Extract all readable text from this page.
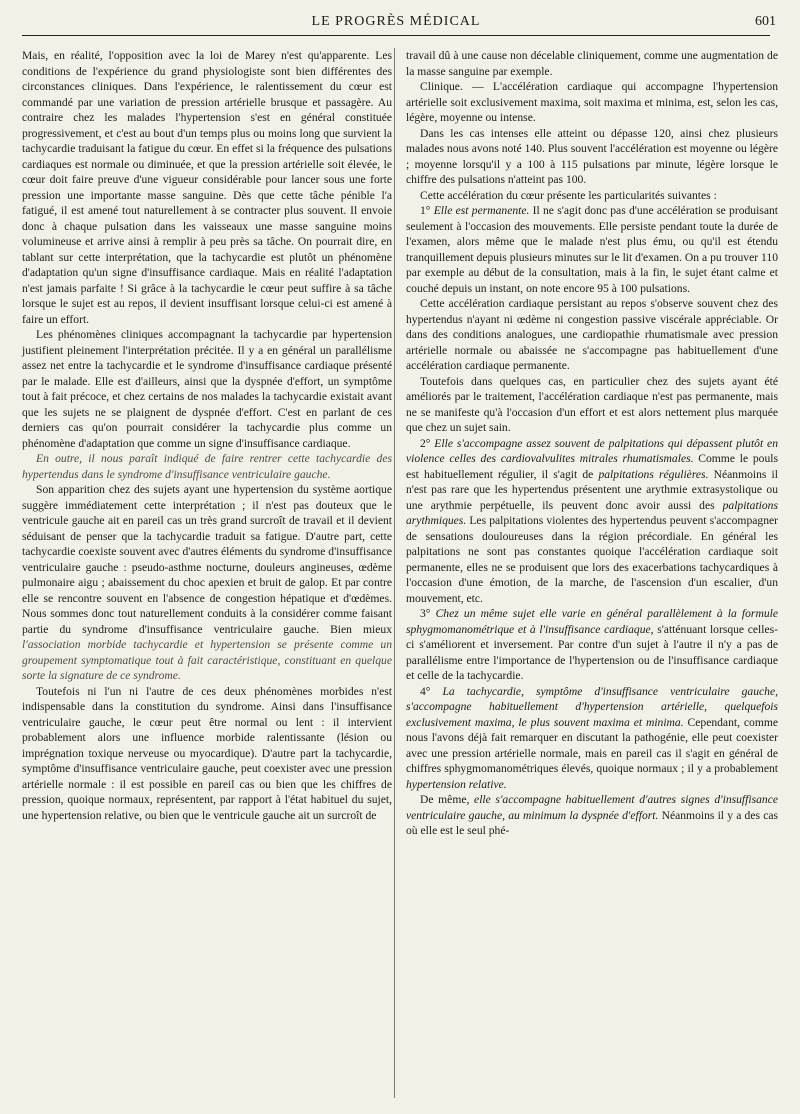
LE PROGRÈS MÉDICAL	601

Mais, en réalité, l'opposition avec la loi de Marey n'est qu'apparente. Les conditions de l'expérience du grand physiologiste sont bien différentes des circonstances cliniques. Dans l'expérience, le ralentissement du cœur est commandé par une variation de pression artérielle brusque et passagère. Au contraire chez les malades l'hypertension s'est en général constituée progressivement, et c'est au bout d'un temps plus ou moins long que survient la tachycardie traduisant la fatigue du cœur. En effet si la fréquence des pulsations cardiaques est normale ou diminuée, et que la pression artérielle soit élevée, le cœur doit faire preuve d'une vigueur considérable pour lancer sous une forte pression une importante masse sanguine. Dès que cette tâche pénible l'a fatigué, il est amené tout naturellement à se contracter plus souvent. Il envoie donc à chaque pulsation dans les vaisseaux une masse sanguine moins volumineuse et arrive ainsi à remplir à peu près sa tâche. On pourrait dire, en tablant sur cette interprétation, que la tachycardie est plutôt un phénomène d'adaptation qu'un signe d'insuffisance cardiaque. Mais en réalité l'adaptation n'est jamais parfaite ! Si grâce à la tachycardie le cœur peut suffire à sa tâche lorsque le sujet est au repos, il devient insuffisant lorsque celui-ci est amené à faire un effort.

Les phénomènes cliniques accompagnant la tachycardie par hypertension justifient pleinement l'interprétation précitée. Il y a en général un parallélisme assez net entre la tachycardie et le syndrome d'insuffisance cardiaque présenté par le malade. Elle est d'ailleurs, ainsi que la dyspnée d'effort, un symptôme tout à fait précoce, et chez certains de nos malades la tachycardie existait avant que les sujets ne se plaignent de dyspnée d'effort. C'est en parlant de ces derniers cas qu'on pourrait considérer la tachycardie plus comme un phénomène d'adaptation que comme un signe d'insuffisance cardiaque.

En outre, il nous paraît indiqué de faire rentrer cette tachycardie des hypertendus dans le syndrome d'insuffisance ventriculaire gauche.

Son apparition chez des sujets ayant une hypertension du système aortique suggère immédiatement cette interprétation ; il n'est pas douteux que le ventricule gauche ait en pareil cas un très grand surcroît de travail et il devient séduisant de penser que la tachycardie traduit sa fatigue. D'autre part, cette tachycardie coexiste souvent avec d'autres éléments du syndrome d'insuffisance ventriculaire gauche : pseudo-asthme nocturne, douleurs angineuses, œdème pulmonaire aigu ; abaissement du choc apexien et bruit de galop. Et par contre elle se rencontre souvent en l'absence de congestion hépatique et d'œdèmes. Nous sommes donc tout naturellement conduits à la considérer comme faisant partie du syndrome d'insuffisance ventriculaire gauche. Bien mieux l'association morbide tachycardie et hypertension se présente comme un groupement symptomatique tout à fait caractéristique, constituant en quelque sorte la signature de ce syndrome.

Toutefois ni l'un ni l'autre de ces deux phénomènes morbides n'est indispensable dans la constitution du syndrome. Ainsi dans l'insuffisance ventriculaire gauche, le cœur peut être normal ou lent : il intervient probablement alors une influence morbide ralentissante (lésion ou imprégnation toxique nerveuse ou myocardique). D'autre part la tachycardie, symptôme d'insuffisance ventriculaire gauche, peut coexister avec une pression artérielle normale : il est possible en pareil cas ou bien que les chiffres de pression, quoique normaux, représentent, par rapport à l'état habituel du sujet, une hypertension relative, ou bien que le ventricule gauche ait un surcroît de

travail dû à une cause non décelable cliniquement, comme une augmentation de la masse sanguine par exemple.

Clinique. — L'accélération cardiaque qui accompagne l'hypertension artérielle soit exclusivement maxima, soit maxima et minima, est, selon les cas, légère, moyenne ou intense.

Dans les cas intenses elle atteint ou dépasse 120, ainsi chez plusieurs malades nous avons noté 140. Plus souvent l'accélération est moyenne ou légère ; moyenne lorsqu'il y a 100 à 115 pulsations par minute, légère lorsque le chiffre des pulsations n'atteint pas 100.

Cette accélération du cœur présente les particularités suivantes :

1° Elle est permanente. Il ne s'agit donc pas d'une accélération se produisant seulement à l'occasion des mouvements. Elle persiste pendant toute la durée de l'examen, alors même que le malade n'est plus ému, ou qu'il est étendu tranquillement depuis plusieurs minutes sur le lit d'examen. On a pu trouver 110 par exemple au début de la consultation, mais à la fin, le sujet étant calme et couché depuis un instant, on note encore 95 à 100 pulsations.

Cette accélération cardiaque persistant au repos s'observe souvent chez des hypertendus n'ayant ni œdème ni congestion passive viscérale appréciable. Or dans des conditions analogues, une cardiopathie rhumatismale avec pression artérielle normale ou abaissée ne s'accompagne pas habituellement d'une accélération cardiaque permanente.

Toutefois dans quelques cas, en particulier chez des sujets ayant été améliorés par le traitement, l'accélération cardiaque n'est pas permanente, mais ne se manifeste qu'à l'occasion d'un effort et est alors nettement plus marquée que chez un sujet sain.

2° Elle s'accompagne assez souvent de palpitations qui dépassent plutôt en violence celles des cardiovalvulites mitrales rhumatismales. Comme le pouls est habituellement régulier, il s'agit de palpitations régulières. Néanmoins il n'est pas rare que les hypertendus présentent une arythmie extrasystolique ou une arythmie perpétuelle, ils peuvent donc avoir aussi des palpitations arythmiques. Les palpitations violentes des hypertendus peuvent s'accompagner de sensations douloureuses dans la région précordiale. En général les palpitations ne sont pas constantes quoique l'accélération cardiaque soit permanente, elles ne se produisent que lors des exacerbations tachycardiques à l'occasion d'une émotion, de la marche, de l'ascension d'un escalier, d'un mouvement, etc.

3° Chez un même sujet elle varie en général parallèlement à la formule sphygmomanométrique et à l'insuffisance cardiaque, s'atténuant lorsque celles-ci s'améliorent et inversement. Par contre d'un sujet à l'autre il n'y a pas de parallélisme entre l'importance de l'hypertension ou de l'insuffisance cardiaque et celle de la tachycardie.

4° La tachycardie, symptôme d'insuffisance ventriculaire gauche, s'accompagne habituellement d'hypertension artérielle, quelquefois exclusivement maxima, le plus souvent maxima et minima. Cependant, comme nous l'avons déjà fait remarquer en discutant la pathogénie, elle peut coexister avec une pression artérielle normale, mais en pareil cas il s'agit en général de chiffres sphygmomanométriques élevés, quoique normaux ; il y a probablement hypertension relative.

De même, elle s'accompagne habituellement d'autres signes d'insuffisance ventriculaire gauche, au minimum la dyspnée d'effort. Néanmoins il y a des cas où elle est le seul phé-
